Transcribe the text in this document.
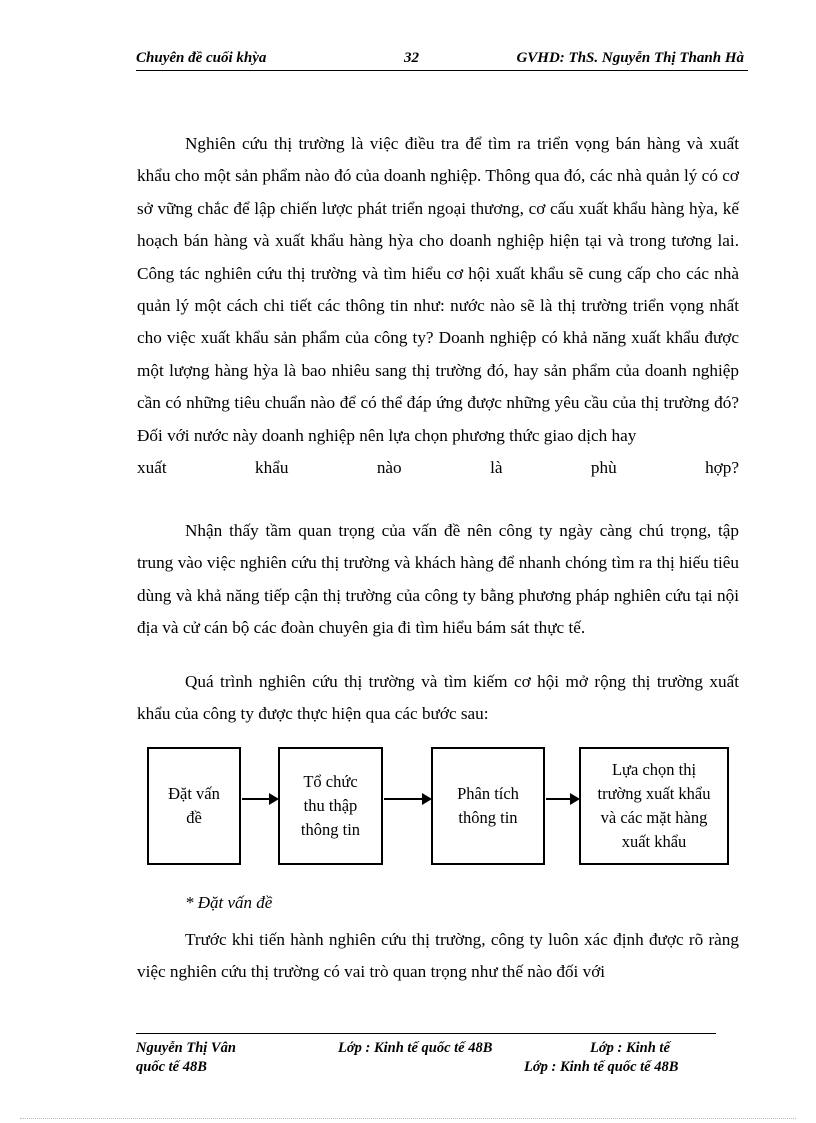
Chuyên đề cuối khỳa	32	GVHD: ThS. Nguyễn Thị Thanh Hà

Nghiên cứu thị trường là việc điều tra để tìm ra triển vọng bán hàng và xuất khẩu cho một sản phẩm nào đó của doanh nghiệp. Thông qua đó, các nhà quản lý có cơ sở vững chắc để lập chiến lược phát triển ngoại thương, cơ cấu xuất khẩu hàng hỳa, kế hoạch bán hàng và xuất khẩu hàng hỳa cho doanh nghiệp hiện tại và trong tương lai. Công tác nghiên cứu thị trường và tìm hiểu cơ hội xuất khẩu sẽ cung cấp cho các nhà quản lý một cách chi tiết các thông tin như: nước nào sẽ là thị trường triển vọng nhất cho việc xuất khẩu sản phẩm của công ty? Doanh nghiệp có khả năng xuất khẩu được một lượng hàng hỳa là bao nhiêu sang thị trường đó, hay sản phẩm của doanh nghiệp cần có những tiêu chuẩn nào để có thể đáp ứng được những yêu cầu của thị trường đó? Đối với nước này doanh nghiệp nên lựa chọn phương thức giao dịch hay

xuất khẩu nào là phù hợp?

Nhận thấy tầm quan trọng của vấn đề nên công ty ngày càng chú trọng, tập trung vào việc nghiên cứu thị trường và khách hàng để nhanh chóng tìm ra thị hiếu tiêu dùng và khả năng tiếp cận thị trường của công ty bằng phương pháp nghiên cứu tại nội địa và cử cán bộ các đoàn chuyên gia đi tìm hiểu bám sát thực tế.

Quá trình nghiên cứu thị trường và tìm kiếm cơ hội mở rộng thị trường xuất khẩu của công ty được thực hiện qua các bước sau:

Đặt vấn
đề
Tổ chức
thu thập
thông tin
Phân tích
thông tin
Lựa chọn thị
trường xuất khẩu
và các mặt hàng
xuất khẩu
* Đặt vấn đề

Trước khi tiến hành nghiên cứu thị trường, công ty luôn xác định được rõ ràng việc nghiên cứu thị trường có vai trò quan trọng như thế nào đối với

Nguyễn Thị Vân	Lớp : Kinh tế quốc tế 48B	Lớp : Kinh tế
quốc tế 48B	Lớp : Kinh tế quốc tế 48B
